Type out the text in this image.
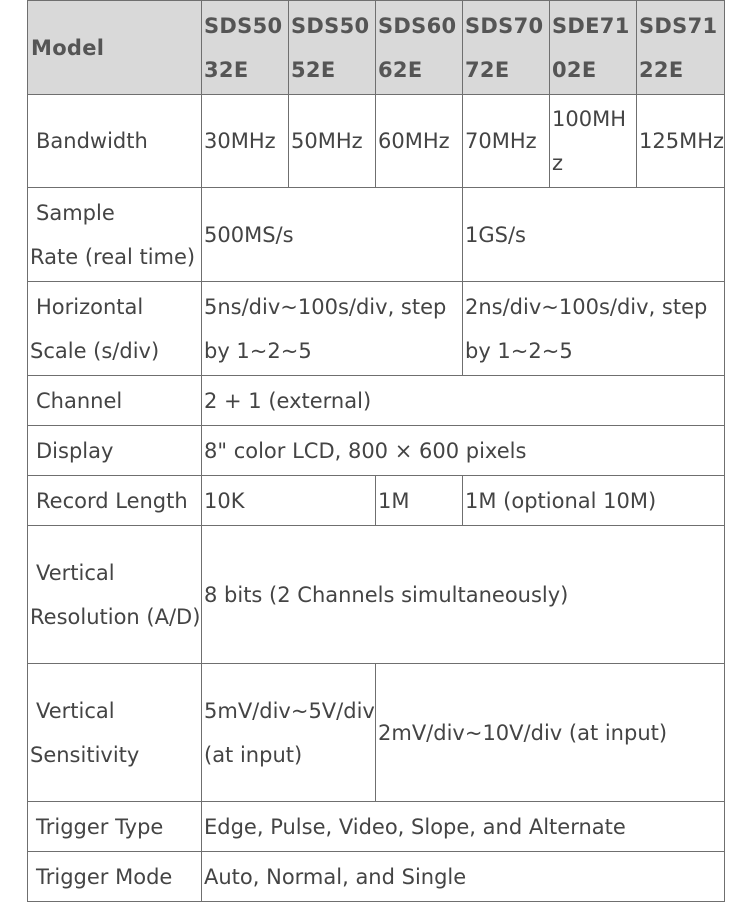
Model	SDS5032E	SDS5052E	SDS6062E	SDS7072E	SDE7102E	SDS7122E
Bandwidth	30MHz	50MHz	60MHz	70MHz	100MHz	125MHz

Sample
Rate (real time)	500MS/s			1GS/s		

Horizontal
Scale (s/div)	5ns/div~100s/div, step by 1~2~5			2ns/div~100s/div, step by 1~2~5		
Channel	2 + 1 (external)					
Display	8" color LCD, 800 × 600 pixels					
Record Length	10K		1M	1M (optional 10M)		

Vertical
Resolution (A/D)	8 bits (2 Channels simultaneously)					

Vertical
Sensitivity	5mV/div~5V/div (at input)		2mV/div~10V/div (at input)			
Trigger Type	Edge, Pulse, Video, Slope, and Alternate					
Trigger Mode	Auto, Normal, and Single					
